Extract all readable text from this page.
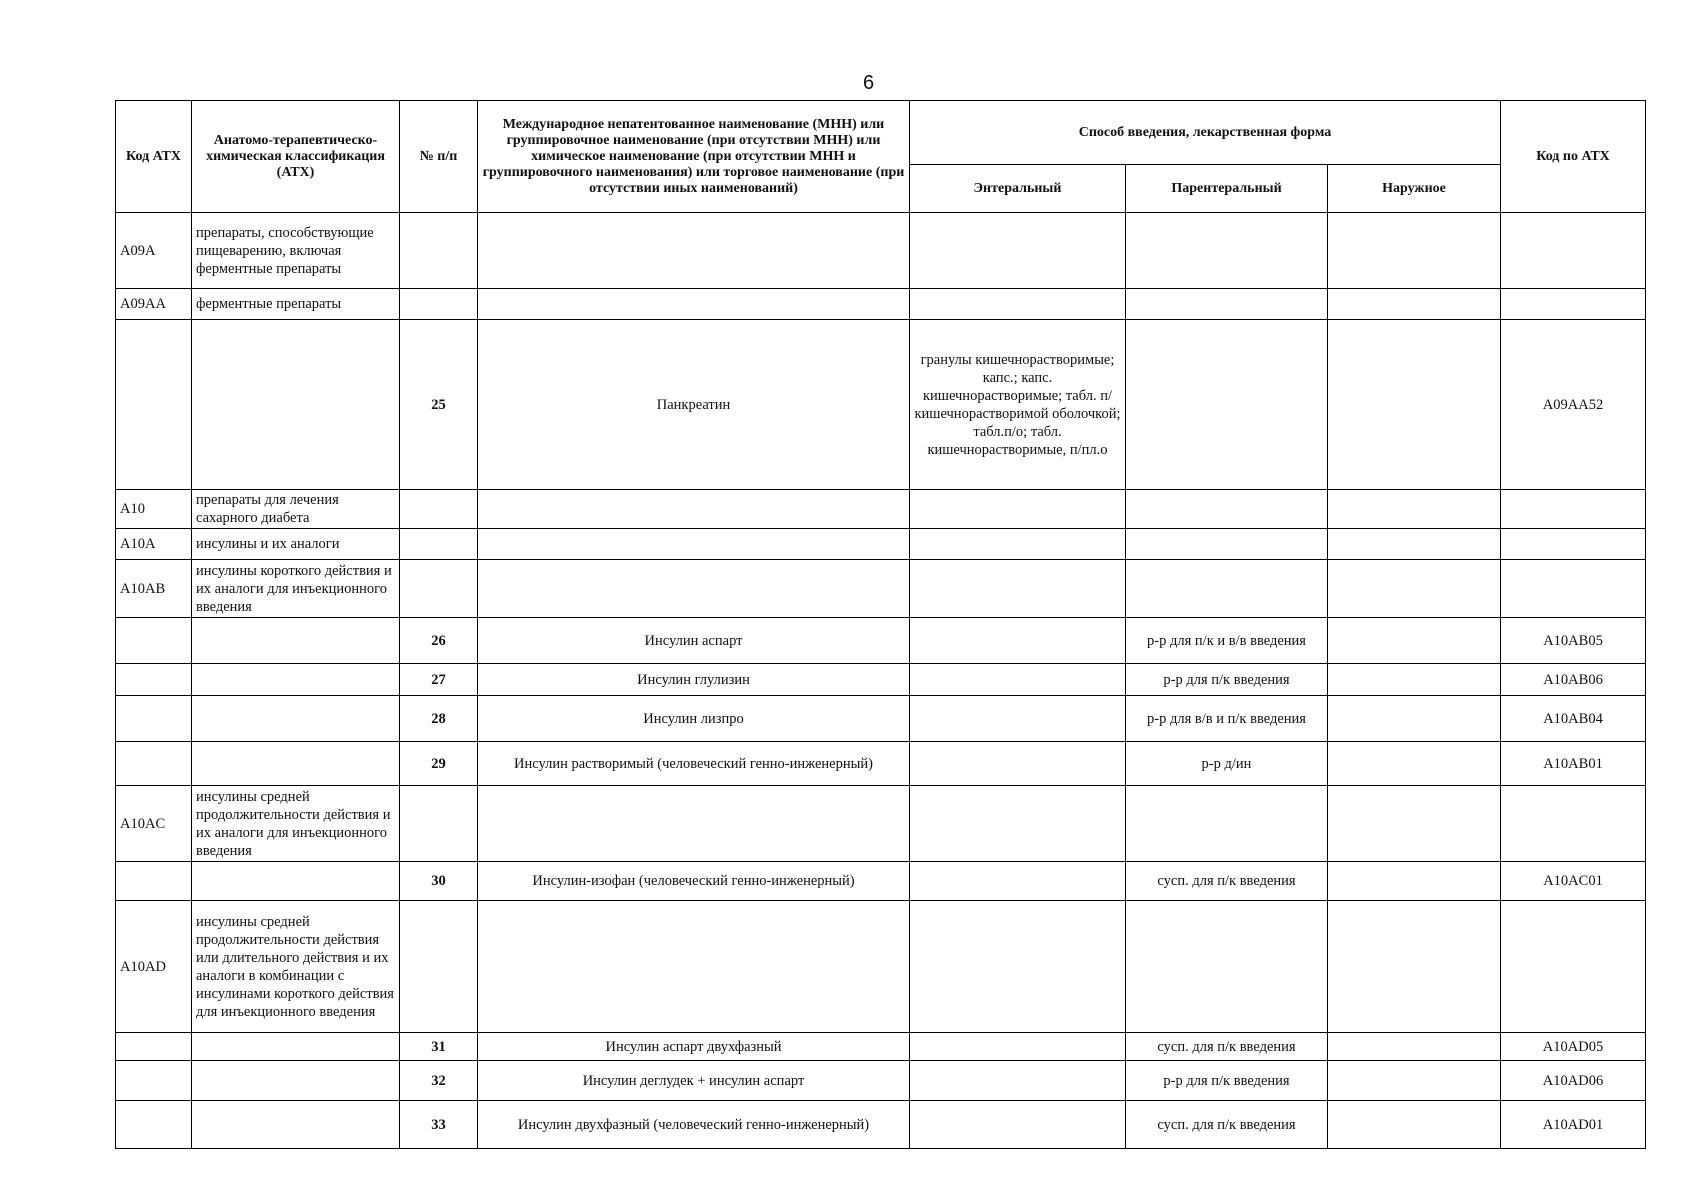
6
Код АТХ	Анатомо-терапевтическо-химическая классификация (АТХ)	№ п/п	Международное непатентованное наименование (МНН) или группировочное наименование (при отсутствии МНН) или химическое наименование (при отсутствии МНН и группировочного наименования) или торговое наименование (при отсутствии иных наименований)	Способ введения, лекарственная форма			Код по АТХ
				Энтеральный	Парентеральный	Наружное	
A09A	препараты, способствующие пищеварению, включая ферментные препараты						
A09AA	ферментные препараты						
		25	Панкреатин	гранулы кишечнорастворимые; капс.; капс. кишечнорастворимые; табл. п/кишечнорастворимой оболочкой; табл.п/о; табл. кишечнорастворимые, п/пл.о			A09AA52
A10	препараты для лечения сахарного диабета						
A10A	инсулины и их аналоги						
A10AB	инсулины короткого действия и их аналоги для инъекционного введения						
		26	Инсулин аспарт		р-р для п/к и в/в введения		A10AB05
		27	Инсулин глулизин		р-р для п/к введения		A10AB06
		28	Инсулин лизпро		р-р для в/в и п/к введения		A10AB04
		29	Инсулин растворимый (человеческий генно-инженерный)		р-р д/ин		A10AB01
A10AC	инсулины средней продолжительности действия и их аналоги для инъекционного введения						
		30	Инсулин-изофан (человеческий генно-инженерный)		сусп. для п/к введения		A10AC01
A10AD	инсулины средней продолжительности действия или длительного действия и их аналоги в комбинации с инсулинами короткого действия для инъекционного введения						
		31	Инсулин аспарт двухфазный		сусп. для п/к введения		A10AD05
		32	Инсулин деглудек + инсулин аспарт		р-р для п/к введения		A10AD06
		33	Инсулин двухфазный (человеческий генно-инженерный)		сусп. для п/к введения		A10AD01
